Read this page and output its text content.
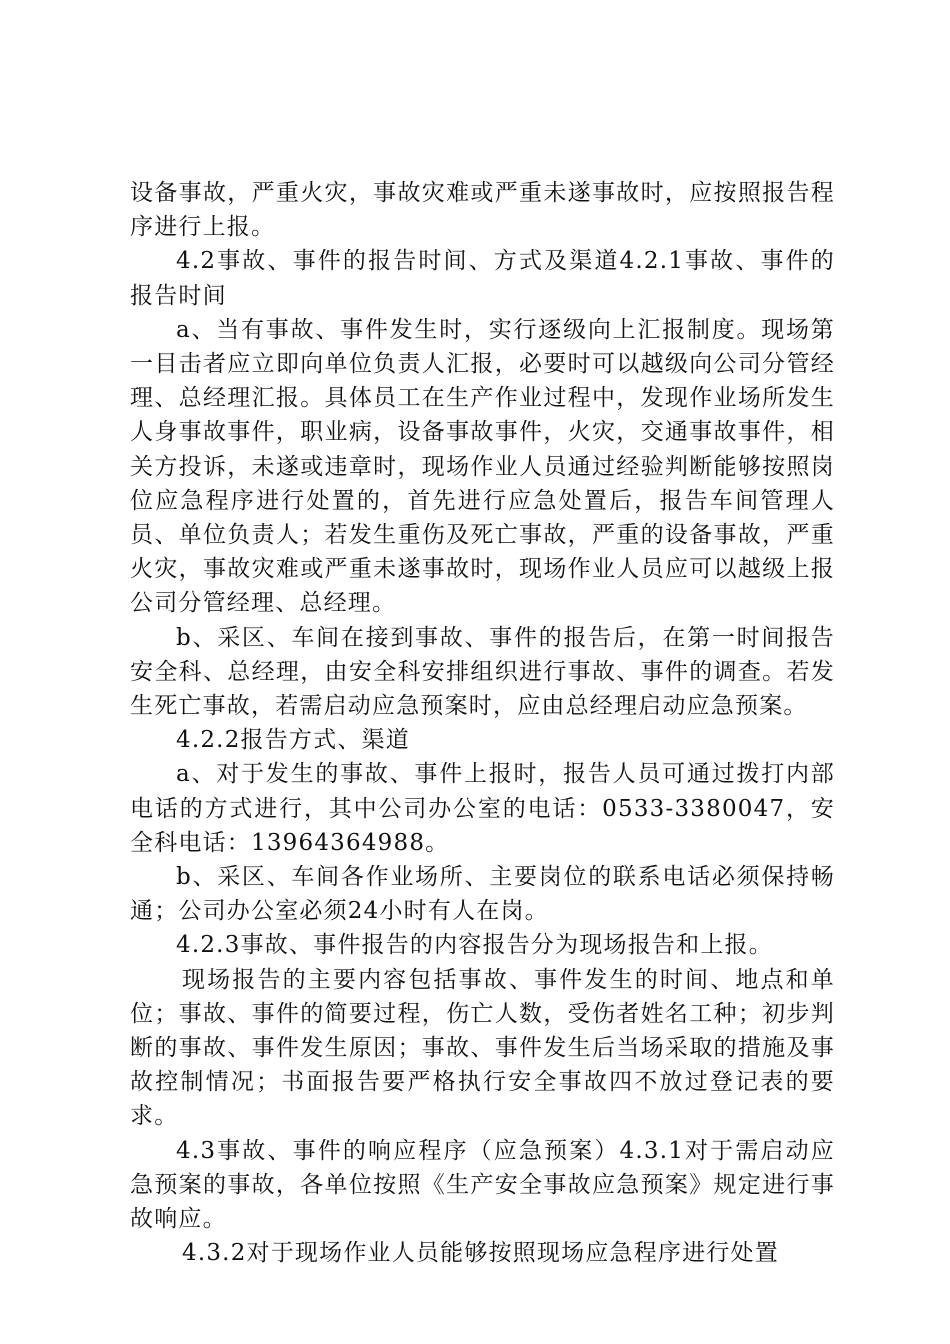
设备事故，严重火灾，事故灾难或严重未遂事故时，应按照报告程序进行上报。

4.2事故、事件的报告时间、方式及渠道4.2.1事故、事件的报告时间

a、当有事故、事件发生时，实行逐级向上汇报制度。现场第一目击者应立即向单位负责人汇报，必要时可以越级向公司分管经理、总经理汇报。具体员工在生产作业过程中，发现作业场所发生人身事故事件，职业病，设备事故事件，火灾，交通事故事件，相关方投诉，未遂或违章时，现场作业人员通过经验判断能够按照岗位应急程序进行处置的，首先进行应急处置后，报告车间管理人员、单位负责人；若发生重伤及死亡事故，严重的设备事故，严重火灾，事故灾难或严重未遂事故时，现场作业人员应可以越级上报公司分管经理、总经理。

b、采区、车间在接到事故、事件的报告后，在第一时间报告安全科、总经理，由安全科安排组织进行事故、事件的调查。若发生死亡事故，若需启动应急预案时，应由总经理启动应急预案。

4.2.2报告方式、渠道

a、对于发生的事故、事件上报时，报告人员可通过拨打内部电话的方式进行，其中公司办公室的电话：0533-3380047，安全科电话：13964364988。

b、采区、车间各作业场所、主要岗位的联系电话必须保持畅通；公司办公室必须24小时有人在岗。

4.2.3事故、事件报告的内容报告分为现场报告和上报。

现场报告的主要内容包括事故、事件发生的时间、地点和单位；事故、事件的简要过程，伤亡人数，受伤者姓名工种；初步判断的事故、事件发生原因；事故、事件发生后当场采取的措施及事故控制情况；书面报告要严格执行安全事故四不放过登记表的要求。

4.3事故、事件的响应程序（应急预案）4.3.1对于需启动应急预案的事故，各单位按照《生产安全事故应急预案》规定进行事故响应。

4.3.2对于现场作业人员能够按照现场应急程序进行处置
